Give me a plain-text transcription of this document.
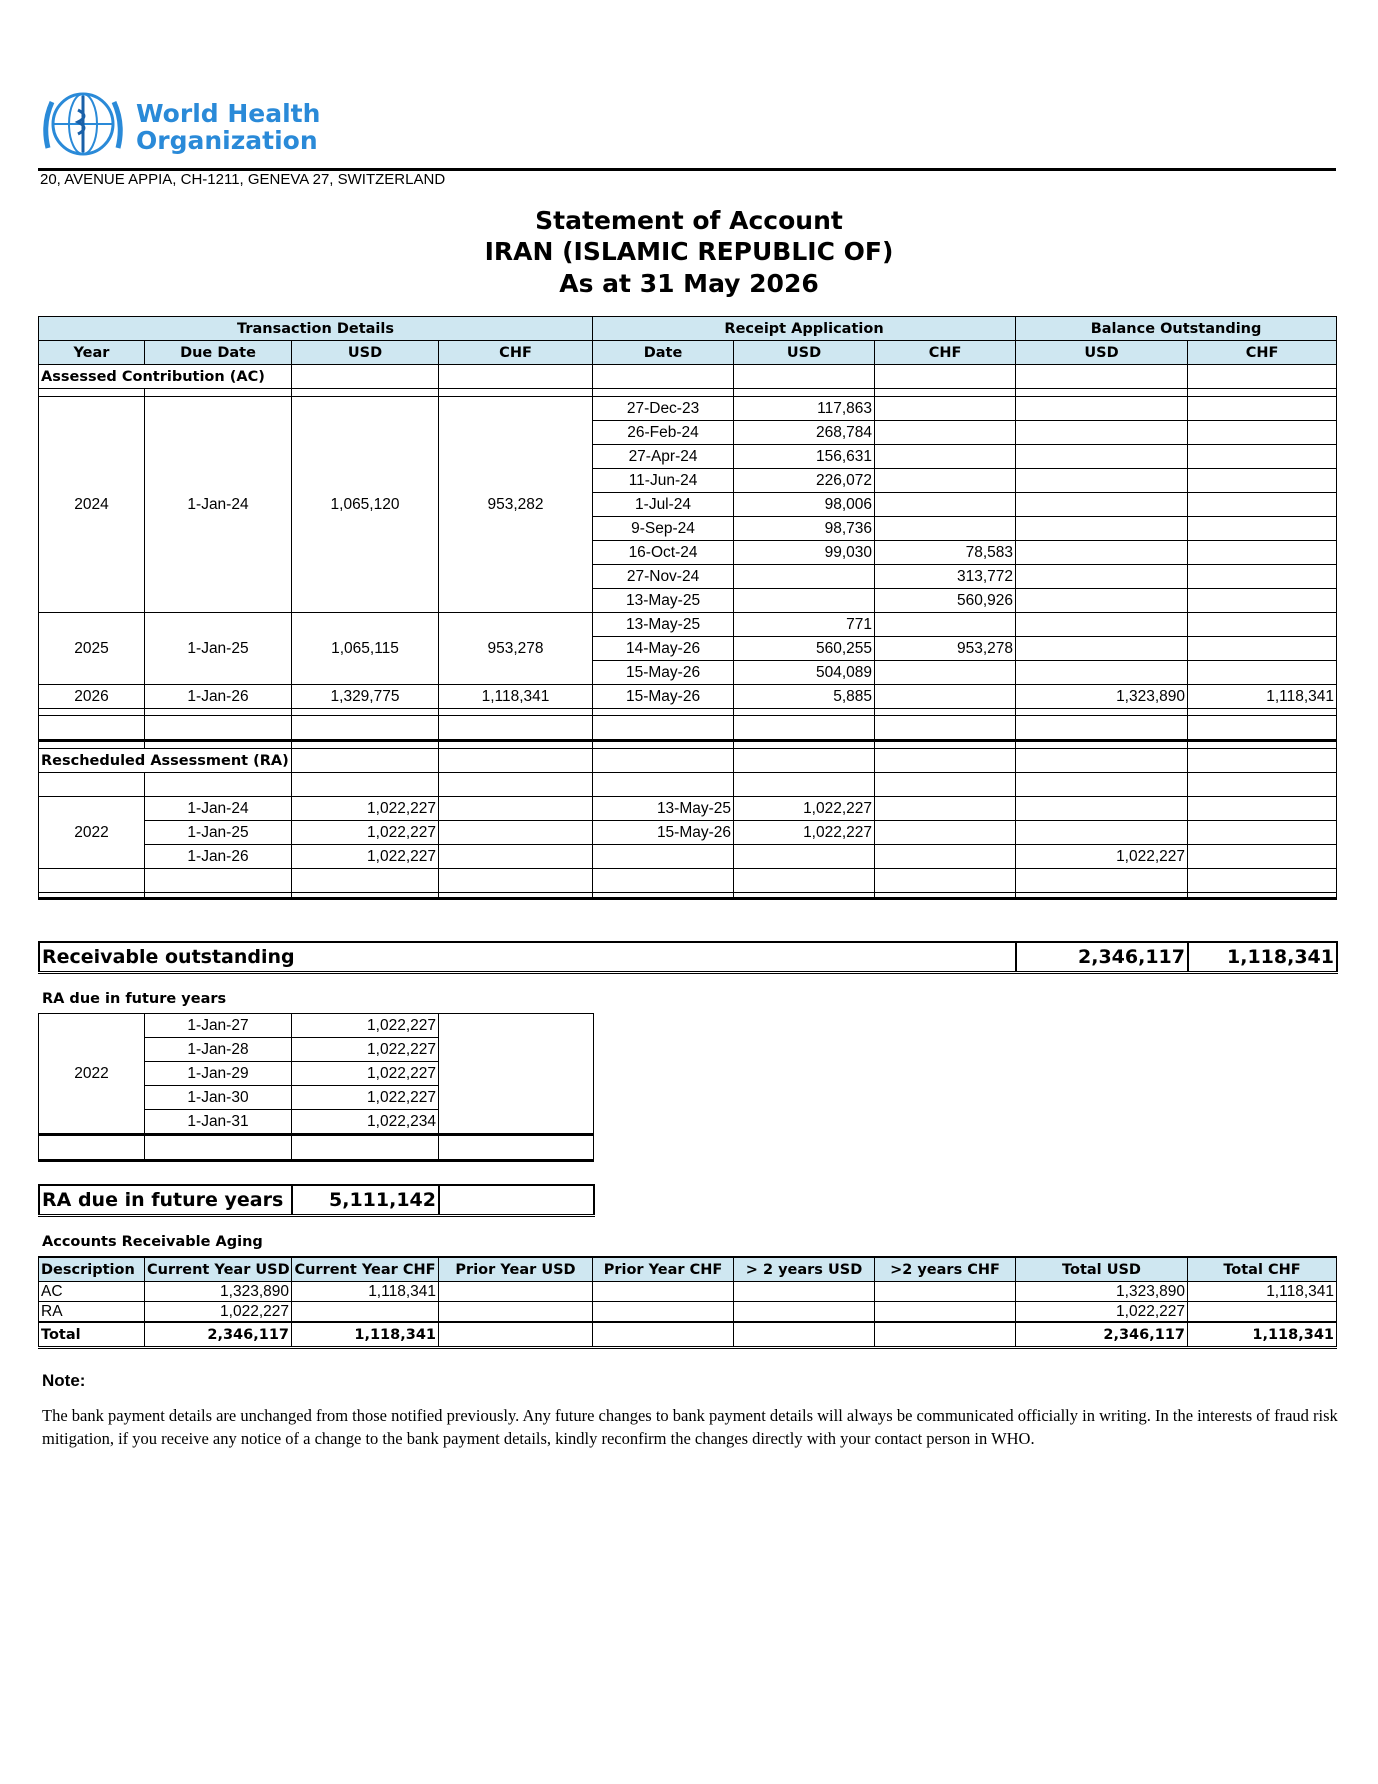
World Health
Organization
20, AVENUE APPIA, CH-1211, GENEVA 27, SWITZERLAND
Statement of Account
IRAN (ISLAMIC REPUBLIC OF)
As at 31 May 2026
Transaction Details				Receipt Application			Balance Outstanding	
Year	Due Date	USD	CHF	Date	USD	CHF	USD	CHF
Assessed Contribution (AC)								

2024	1-Jan-24	1,065,120	953,282	27-Dec-23	117,863			
				26-Feb-24	268,784			
				27-Apr-24	156,631			
				11-Jun-24	226,072			
				1-Jul-24	98,006			
				9-Sep-24	98,736			
				16-Oct-24	99,030	78,583		
				27-Nov-24		313,772		
				13-May-25		560,926		
2025	1-Jan-25	1,065,115	953,278	13-May-25	771			
				14-May-26	560,255	953,278		
				15-May-26	504,089			
2026	1-Jan-26	1,329,775	1,118,341	15-May-26	5,885		1,323,890	1,118,341

Rescheduled Assessment (RA)								

2022	1-Jan-24	1,022,227		13-May-25	1,022,227			
	1-Jan-25	1,022,227		15-May-26	1,022,227			
	1-Jan-26	1,022,227					1,022,227	

Receivable outstanding	2,346,117	1,118,341
RA due in future years
2022	1-Jan-27	1,022,227	
	1-Jan-28	1,022,227	
	1-Jan-29	1,022,227	
	1-Jan-30	1,022,227	
	1-Jan-31	1,022,234	

RA due in future years	5,111,142	
Accounts Receivable Aging
Description	Current Year USD	Current Year CHF	Prior Year USD	Prior Year CHF	> 2 years USD	>2 years CHF	Total USD	Total CHF
AC	1,323,890	1,118,341					1,323,890	1,118,341
RA	1,022,227						1,022,227	
Total	2,346,117	1,118,341					2,346,117	1,118,341
Note:
The bank payment details are unchanged from those notified previously. Any future changes to bank payment details will always be communicated officially in writing. In the interests of fraud risk mitigation, if you receive any notice of a change to the bank payment details, kindly reconfirm the changes directly with your contact person in WHO.
